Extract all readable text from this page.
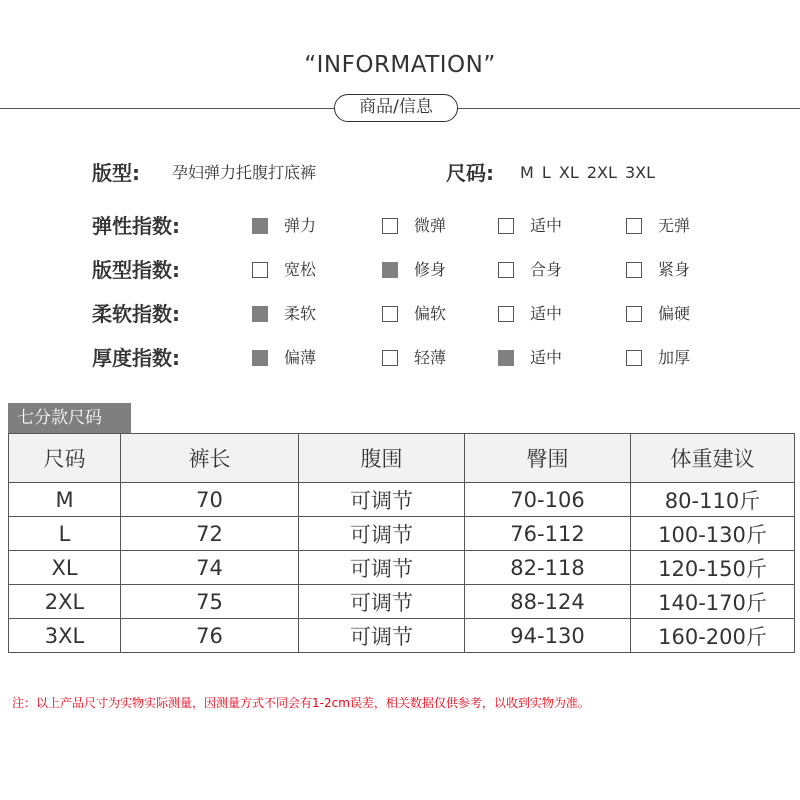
“INFORMATION”
商品/信息
版型: 孕妇弹力托腹打底裤	尺码: M L XL 2XL 3XL
弹性指数:	弹力	微弹	适中	无弹
版型指数:	宽松	修身	合身	紧身
柔软指数:	柔软	偏软	适中	偏硬
厚度指数:	偏薄	轻薄	适中	加厚
七分款尺码
尺码	裤长	腹围	臀围	体重建议
M	70	可调节	70-106	80-110斤
L	72	可调节	76-112	100-130斤
XL	74	可调节	82-118	120-150斤
2XL	75	可调节	88-124	140-170斤
3XL	76	可调节	94-130	160-200斤
注：以上产品尺寸为实物实际测量，因测量方式不同会有1-2cm误差，相关数据仅供参考，以收到实物为准。
